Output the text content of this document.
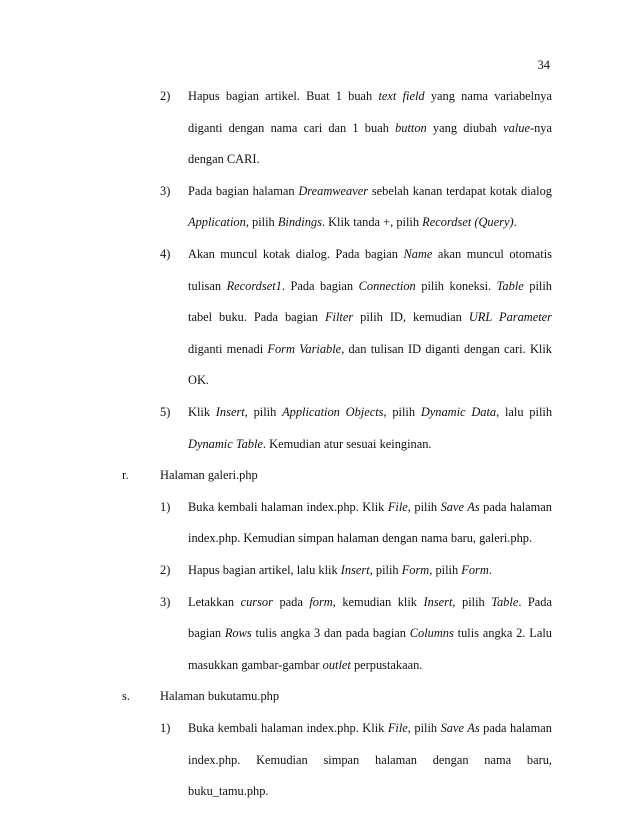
34
2) Hapus bagian artikel. Buat 1 buah text field yang nama variabelnya
diganti dengan nama cari dan 1 buah button yang diubah value-nya
dengan CARI.
3) Pada bagian halaman Dreamweaver sebelah kanan terdapat kotak dialog
Application, pilih Bindings. Klik tanda +, pilih Recordset (Query).
4) Akan muncul kotak dialog. Pada bagian Name akan muncul otomatis
tulisan Recordset1. Pada bagian Connection pilih koneksi. Table pilih
tabel buku. Pada bagian Filter pilih ID, kemudian URL Parameter
diganti menadi Form Variable, dan tulisan ID diganti dengan cari. Klik
OK.
5) Klik Insert, pilih Application Objects, pilih Dynamic Data, lalu pilih
Dynamic Table. Kemudian atur sesuai keinginan.
r.	Halaman galeri.php
1) Buka kembali halaman index.php. Klik File, pilih Save As pada halaman
index.php. Kemudian simpan halaman dengan nama baru, galeri.php.
2) Hapus bagian artikel, lalu klik Insert, pilih Form, pilih Form.
3) Letakkan cursor pada form, kemudian klik Insert, pilih Table. Pada
bagian Rows tulis angka 3 dan pada bagian Columns tulis angka 2. Lalu
masukkan gambar-gambar outlet perpustakaan.
s. Halaman bukutamu.php
1) Buka kembali halaman index.php. Klik File, pilih Save As pada halaman
index.php. Kemudian simpan halaman dengan nama baru,
buku_tamu.php.
